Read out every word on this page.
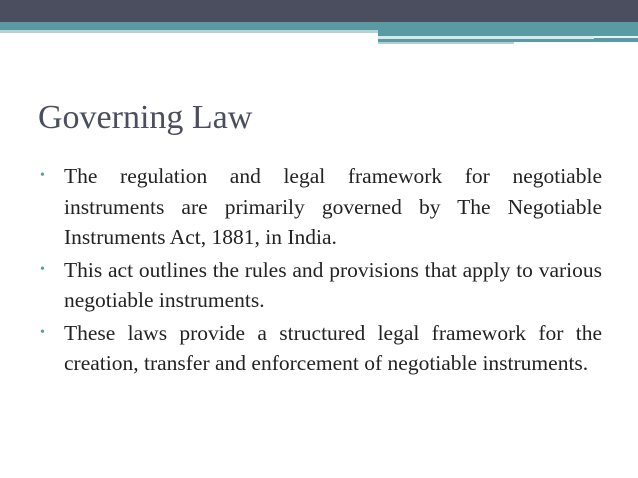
Governing Law
• The regulation and legal framework for negotiable instruments are primarily governed by The Negotiable Instruments Act, 1881, in India.
• This act outlines the rules and provisions that apply to various negotiable instruments.
• These laws provide a structured legal framework for the creation, transfer and enforcement of negotiable instruments.
